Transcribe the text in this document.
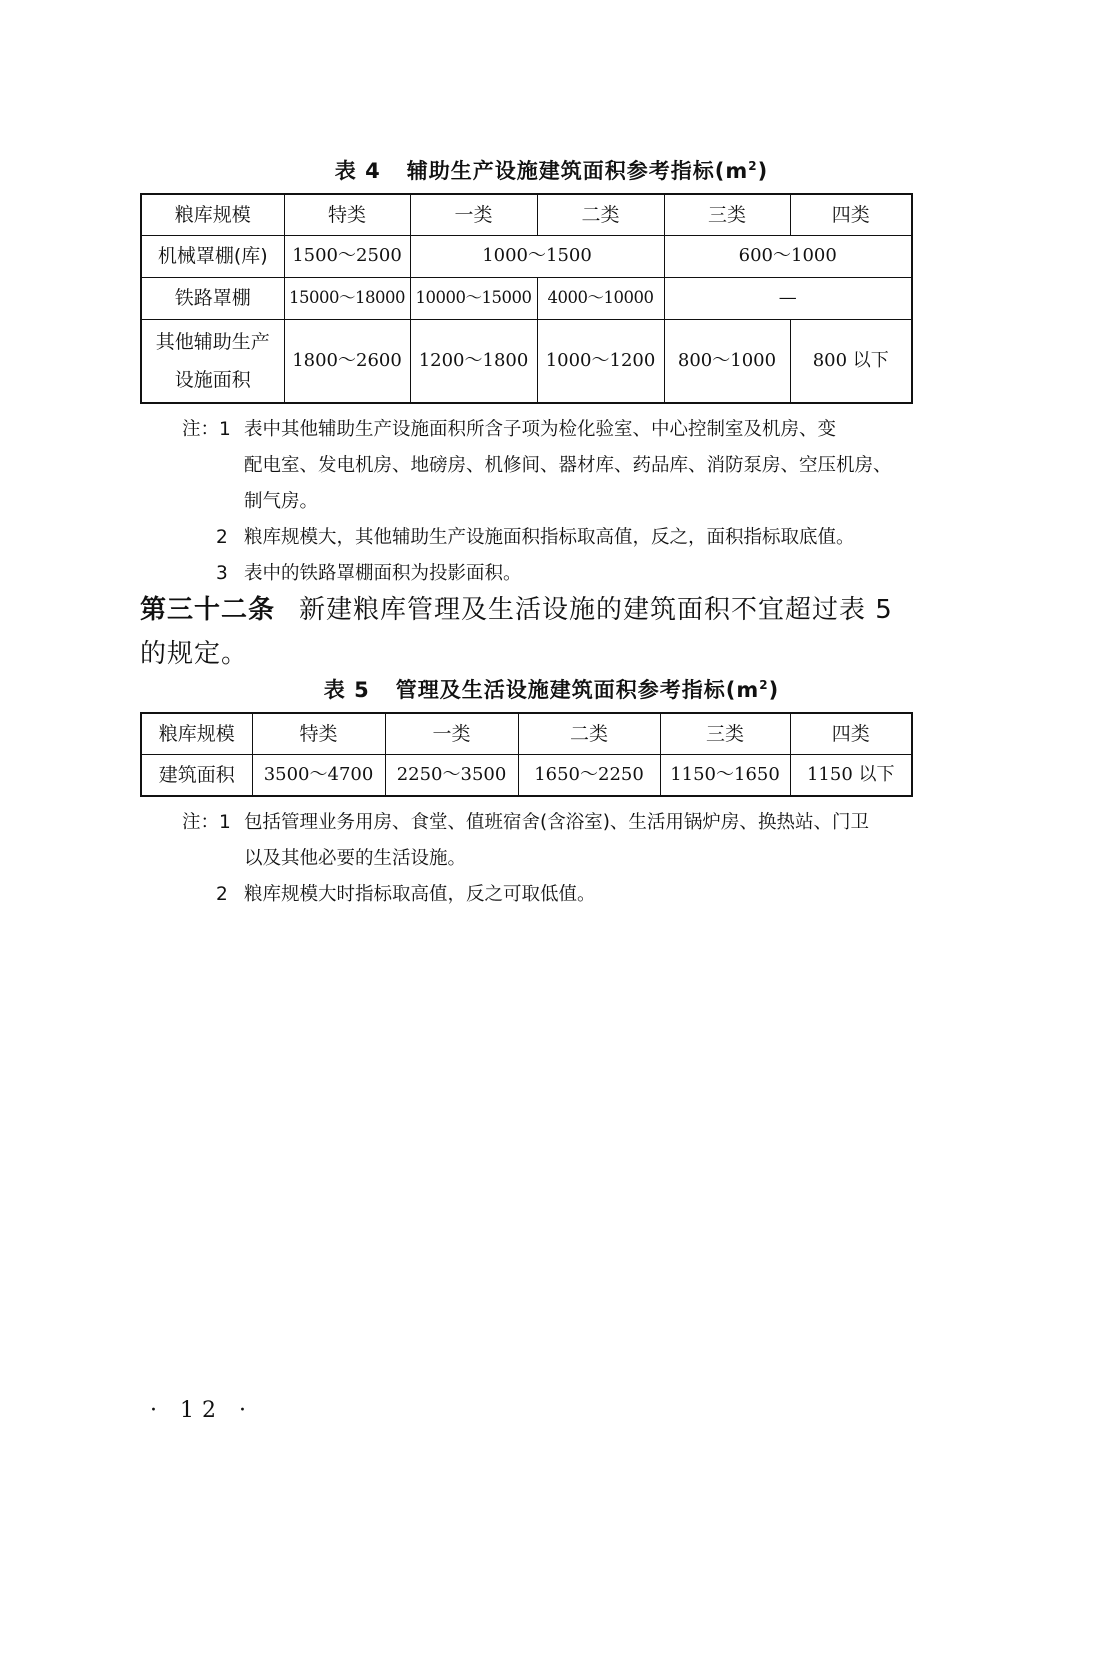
表 4 辅助生产设施建筑面积参考指标$(m^2)$
粮库规模	特类	一类	二类	三类	四类
机械罩棚(库)	1500～2500	1000～1500		600～1000	
铁路罩棚	15000～18000	10000～15000	4000～10000	—	

其他辅助生产
设施面积	1800～2600	1200～1800	1000～1200	800～1000	800 以下
注：1 表中其他辅助生产设施面积所含子项为检化验室、中心控制室及机房、变
配电室、发电机房、地磅房、机修间、器材库、药品库、消防泵房、空压机房、
制气房。
2 粮库规模大，其他辅助生产设施面积指标取高值，反之，面积指标取底值。
3 表中的铁路罩棚面积为投影面积。
第三十二条 新建粮库管理及生活设施的建筑面积不宜超过表 5
的规定。
表 5 管理及生活设施建筑面积参考指标$(m^2)$
粮库规模	特类	一类	二类	三类	四类
建筑面积	3500～4700	2250～3500	1650～2250	1150～1650	1150 以下
注：1 包括管理业务用房、食堂、值班宿舍(含浴室)、生活用锅炉房、换热站、门卫
以及其他必要的生活设施。
2 粮库规模大时指标取高值，反之可取低值。
· 12 ·
